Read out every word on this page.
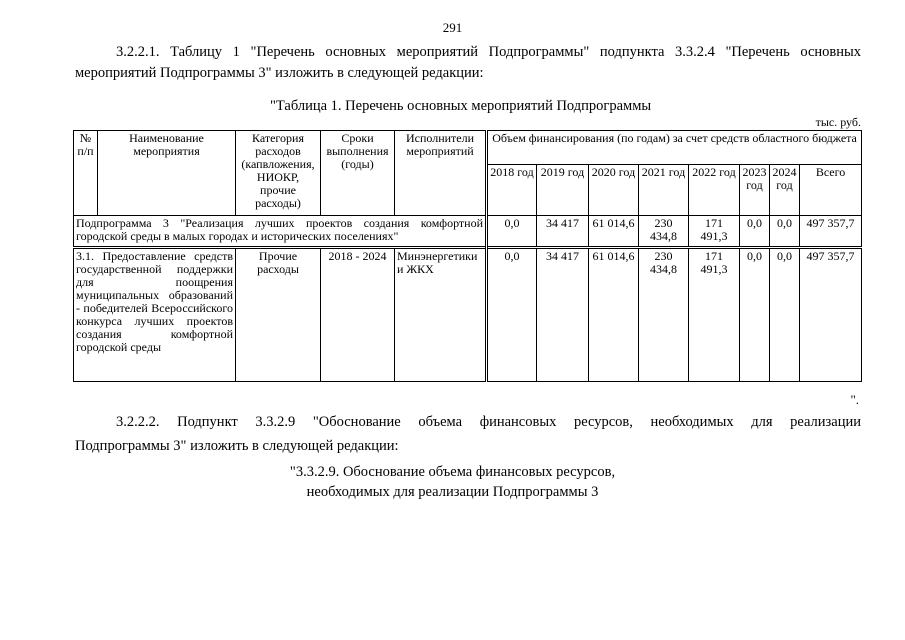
291
3.2.2.1. Таблицу 1 "Перечень основных мероприятий Подпрограммы" подпункта 3.3.2.4 "Перечень основных
мероприятий Подпрограммы 3" изложить в следующей редакции:
"Таблица 1. Перечень основных мероприятий Подпрограммы
тыс. руб.
№ п/п	Наименование мероприятия	Категория расходов (капвложения, НИОКР, прочие расходы)	Сроки выполнения (годы)	Исполнители мероприятий	Объем финансирования (по годам) за счет средств областного бюджета							
					2018 год	2019 год	2020 год	2021 год	2022 год	2023 год	2024 год	Всего
Подпрограмма 3 "Реализация лучших проектов создания комфортной городской среды в малых городах и исторических поселениях"					0,0	34 417	61 014,6	230 434,8	171 491,3	0,0	0,0	497 357,7
3.1. Предоставление средств государственной поддержки для поощрения муниципальных образований - победителей Всероссийского конкурса лучших проектов создания комфортной городской среды		Прочие расходы	2018 - 2024	Минэнергетики и ЖКХ	0,0	34 417	61 014,6	230 434,8	171 491,3	0,0	0,0	497 357,7
".
3.2.2.2. Подпункт 3.3.2.9 "Обоснование объема финансовых ресурсов, необходимых для реализации
Подпрограммы 3" изложить в следующей редакции:
"3.3.2.9. Обоснование объема финансовых ресурсов,
необходимых для реализации Подпрограммы 3
